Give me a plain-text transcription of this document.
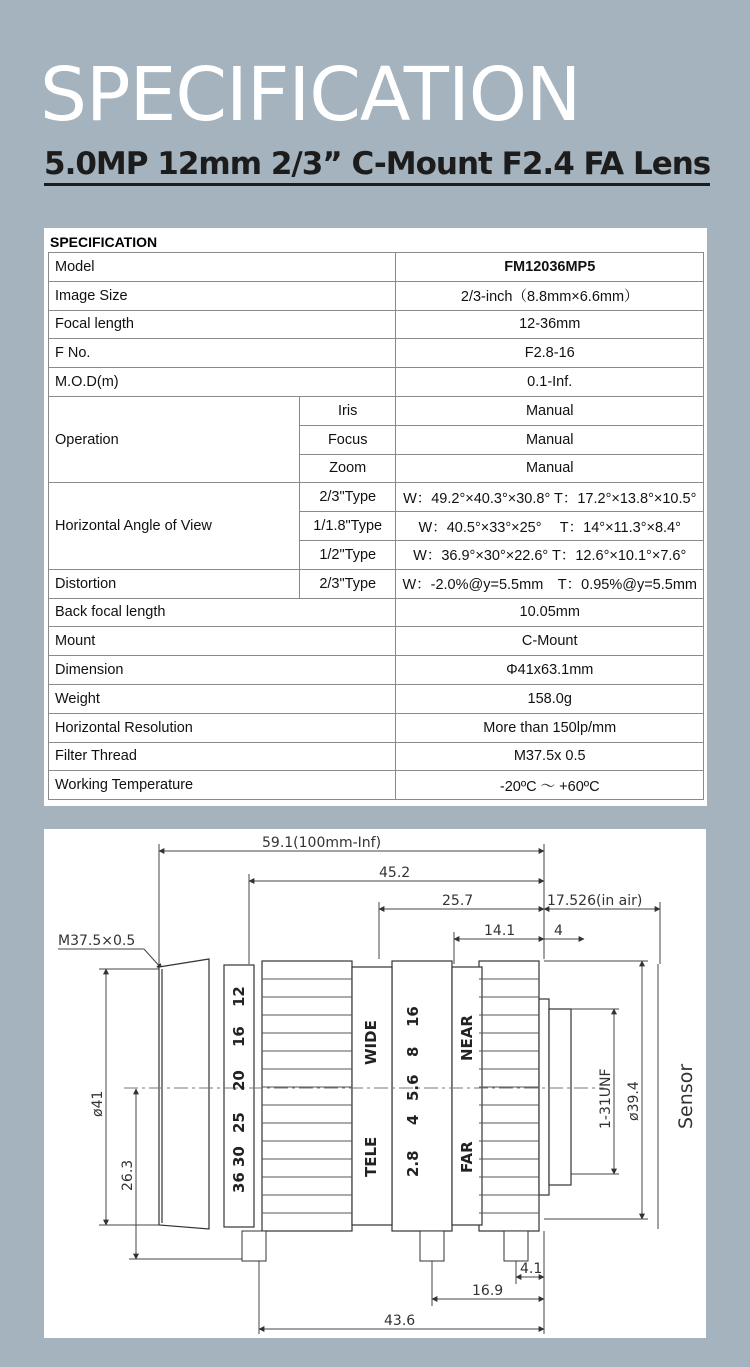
SPECIFICATION
5.0MP 12mm 2/3” C-Mount F2.4 FA Lens
SPECIFICATION
Model		FM12036MP5
Image Size		2/3-inch（8.8mm×6.6mm）
Focal length		12-36mm
F No.		F2.8-16
M.O.D(m)		0.1-Inf.
Operation	Iris	Manual
	Focus	Manual
	Zoom	Manual
Horizontal Angle of View	2/3"Type	W：49.2°×40.3°×30.8° T：17.2°×13.8°×10.5°
	1/1.8"Type	W：40.5°×33°×25°　 T：14°×11.3°×8.4°
	1/2"Type	W：36.9°×30°×22.6° T：12.6°×10.1°×7.6°
Distortion	2/3"Type	W：-2.0%@y=5.5mm　T：0.95%@y=5.5mm
Back focal length		10.05mm
Mount		C-Mount
Dimension		Φ41x63.1mm
Weight		158.0g
Horizontal Resolution		More than 150lp/mm
Filter Thread		M37.5x 0.5
Working Temperature		-20ºC ～ +60ºC
59.1(100mm-Inf)
45.2
25.7	17.526(in air)
14.1	4
M37.5×0.5
ø41
26.3
12
16
20
25
30
36
WIDE
TELE
16
8
5.6
4
2.8
NEAR
FAR
1-31UNF ø39.4 Sensor
4.1
16.9
43.6
